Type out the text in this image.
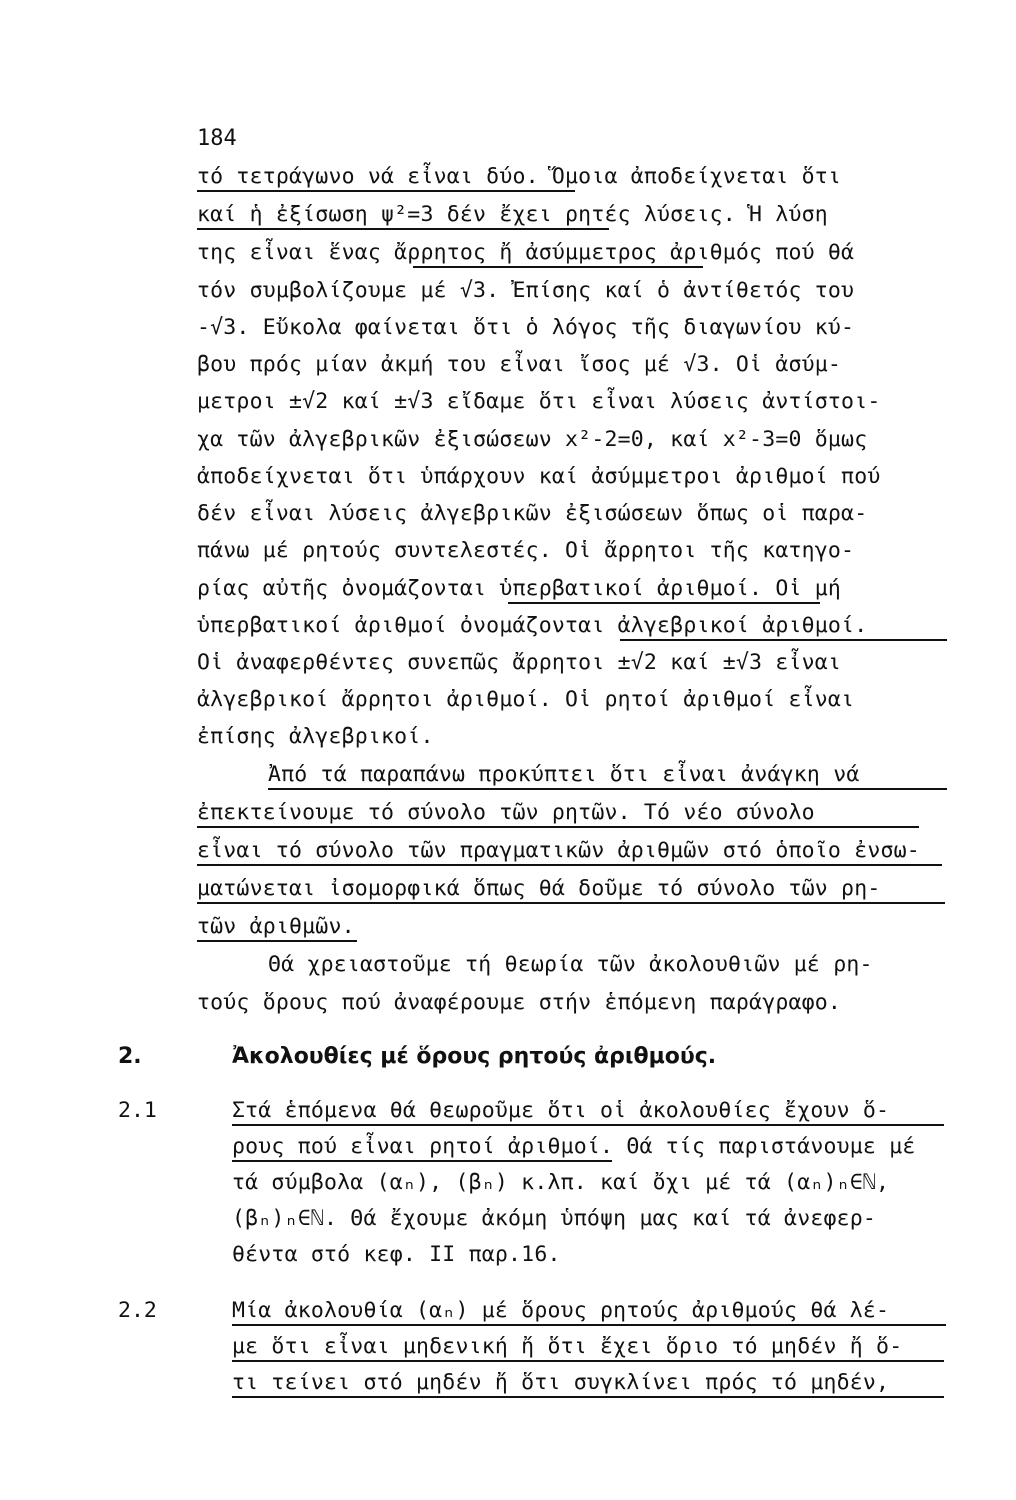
184
τό τετράγωνο νά εἶναι δύο. Ὅμοια ἀποδείχνεται ὅτι
καί ἡ ἐξίσωση ψ²=3 δέν ἔχει ρητές λύσεις. Ἡ λύση
της εἶναι ἕνας ἄρρητος ἤ ἀσύμμετρος ἀριθμός πού θά
τόν συμβολίζουμε μέ √3. Ἐπίσης καί ὁ ἀντίθετός του
-√3. Εὔκολα φαίνεται ὅτι ὁ λόγος τῆς διαγωνίου κύ-
βου πρός μίαν ἀκμή του εἶναι ἴσος μέ √3. Οἱ ἀσύμ-
μετροι ±√2 καί ±√3 εἴδαμε ὅτι εἶναι λύσεις ἀντίστοι-
χα τῶν ἀλγεβρικῶν ἐξισώσεων x²-2=0, καί x²-3=0 ὅμως
ἀποδείχνεται ὅτι ὑπάρχουν καί ἀσύμμετροι ἀριθμοί πού
δέν εἶναι λύσεις ἀλγεβρικῶν ἐξισώσεων ὅπως οἱ παρα-
πάνω μέ ρητούς συντελεστές. Οἱ ἄρρητοι τῆς κατηγο-
ρίας αὐτῆς ὀνομάζονται ὑπερβατικοί ἀριθμοί. Οἱ μή
ὑπερβατικοί ἀριθμοί ὀνομάζονται ἀλγεβρικοί ἀριθμοί.
Οἱ ἀναφερθέντες συνεπῶς ἄρρητοι ±√2 καί ±√3 εἶναι
ἀλγεβρικοί ἄρρητοι ἀριθμοί. Οἱ ρητοί ἀριθμοί εἶναι
ἐπίσης ἀλγεβρικοί.
Ἀπό τά παραπάνω προκύπτει ὅτι εἶναι ἀνάγκη νά
ἐπεκτείνουμε τό σύνολο τῶν ρητῶν. Τό νέο σύνολο
εἶναι τό σύνολο τῶν πραγματικῶν ἀριθμῶν στό ὁποῖο ἐνσω-
ματώνεται ἰσομορφικά ὅπως θά δοῦμε τό σύνολο τῶν ρη-
τῶν ἀριθμῶν.
Θά χρειαστοῦμε τή θεωρία τῶν ἀκολουθιῶν μέ ρη-
τούς ὅρους πού ἀναφέρουμε στήν ἑπόμενη παράγραφο.
2.	Ἀκολουθίες μέ ὅρους ρητούς ἀριθμούς.
2.1	Στά ἑπόμενα θά θεωροῦμε ὅτι οἱ ἀκολουθίες ἔχουν ὅ-
ρους πού εἶναι ρητοί ἀριθμοί. Θά τίς παριστάνουμε μέ
τά σύμβολα (αₙ), (βₙ) κ.λπ. καί ὄχι μέ τά (αₙ)ₙ∈ℕ,
(βₙ)ₙ∈ℕ. Θά ἔχουμε ἀκόμη ὑπόψη μας καί τά ἀνεφερ-
θέντα στό κεφ. II παρ.16.
2.2	Μία ἀκολουθία (αₙ) μέ ὅρους ρητούς ἀριθμούς θά λέ-
με ὅτι εἶναι μηδενική ἤ ὅτι ἔχει ὅριο τό μηδέν ἤ ὅ-
τι τείνει στό μηδέν ἤ ὅτι συγκλίνει πρός τό μηδέν,
